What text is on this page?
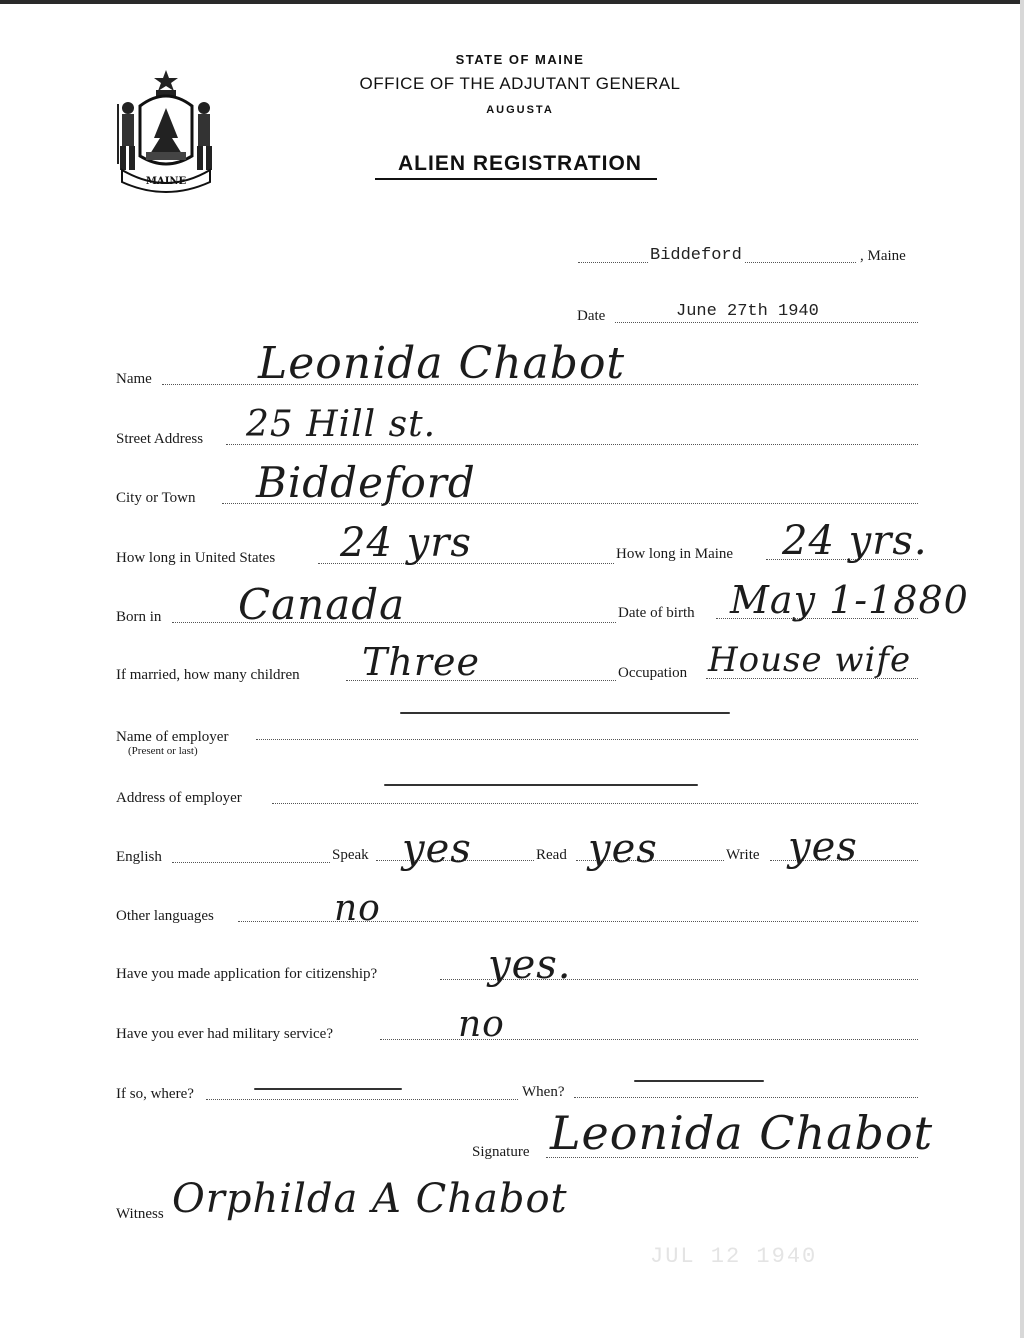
MAINE
STATE OF MAINE
OFFICE OF THE ADJUTANT GENERAL
AUGUSTA
ALIEN REGISTRATION
Biddeford	, Maine
Date	June 27th 1940
Name Leonida Chabot
Street Address 25 Hill st.
City or Town Biddeford
How long in United States 24 yrs	How long in Maine 24 yrs.
Born in Canada	Date of birth May 1-1880
If married, how many children Three	Occupation House wife
Name of employer
(Present or last)
Address of employer
English	Speak yes	Read yes	Write yes
Other languages	no
Have you made application for citizenship?	yes.
Have you ever had military service?	no
If so, where?	When?
Signature Leonida Chabot
Witness Orphilda A Chabot
JUL 12 1940
